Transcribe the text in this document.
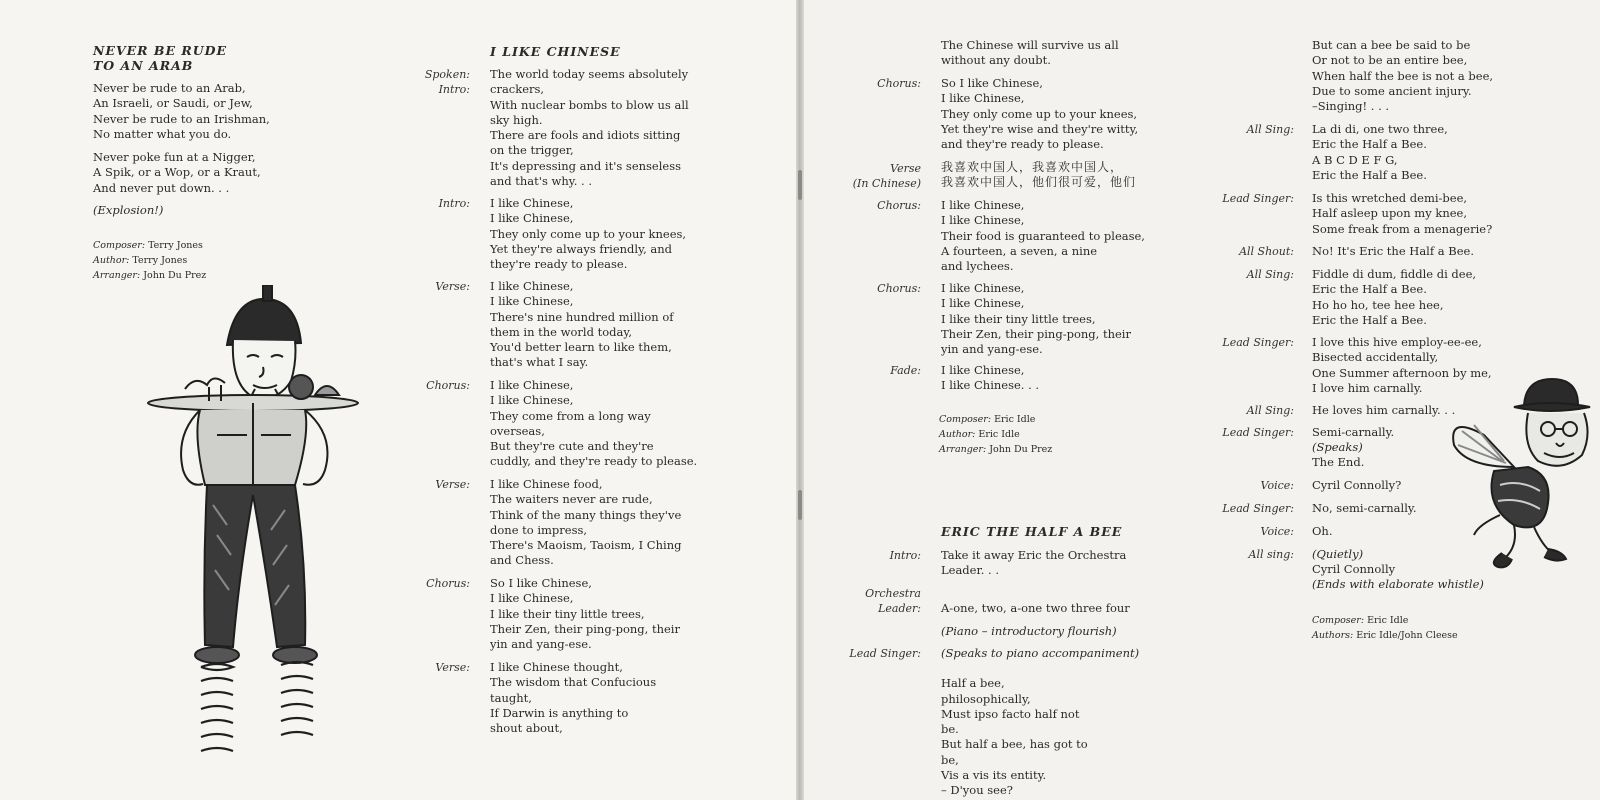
NEVER BE RUDE
TO AN ARAB
Never be rude to an Arab,
An Israeli, or Saudi, or Jew,
Never be rude to an Irishman,
No matter what you do.
Never poke fun at a Nigger,
A Spik, or a Wop, or a Kraut,
And never put down. . .
(Explosion!)
Composer: Terry Jones
Author: Terry Jones
Arranger: John Du Prez
I LIKE CHINESE
Spoken:
Intro:
The world today seems absolutely
crackers,
With nuclear bombs to blow us all
sky high.
There are fools and idiots sitting
on the trigger,
It's depressing and it's senseless
and that's why. . .
Intro: I like Chinese,
I like Chinese,
They only come up to your knees,
Yet they're always friendly, and
they're ready to please.
Verse: I like Chinese,
I like Chinese,
There's nine hundred million of
them in the world today,
You'd better learn to like them,
that's what I say.
Chorus: I like Chinese,
I like Chinese,
They come from a long way
overseas,
But they're cute and they're
cuddly, and they're ready to please.
Verse: I like Chinese food,
The waiters never are rude,
Think of the many things they've
done to impress,
There's Maoism, Taoism, I Ching
and Chess.
Chorus: So I like Chinese,
I like Chinese,
I like their tiny little trees,
Their Zen, their ping-pong, their
yin and yang-ese.
Verse: I like Chinese thought,
The wisdom that Confucious
taught,
If Darwin is anything to
shout about,
The Chinese will survive us all
without any doubt.
Chorus: So I like Chinese,
I like Chinese,
They only come up to your knees,
Yet they're wise and they're witty,
and they're ready to please.
Verse
(In Chinese)
我喜欢中国人，我喜欢中国人，
我喜欢中国人，他们很可爱，他们
Chorus: I like Chinese,
I like Chinese,
Their food is guaranteed to please,
A fourteen, a seven, a nine
and lychees.
Chorus: I like Chinese,
I like Chinese,
I like their tiny little trees,
Their Zen, their ping-pong, their
yin and yang-ese.
Fade: I like Chinese,
I like Chinese. . .
Composer: Eric Idle
Author: Eric Idle
Arranger: John Du Prez
ERIC THE HALF A BEE
Intro: Take it away Eric the Orchestra
Leader. . .
Orchestra
Leader: A-one, two, a-one two three four
(Piano – introductory flourish)
Lead Singer: (Speaks to piano accompaniment)

Half a bee, philosophically,
Must ipso facto half not be.
But half a bee, has got to be,
Vis a vis its entity.
– D'you see?

But can a bee be said to be
Or not to be an entire bee,
When half the bee is not a bee,
Due to some ancient injury.
–Singing! . . .
All Sing: La di di, one two three,
Eric the Half a Bee.
A B C D E F G,
Eric the Half a Bee.
Lead Singer: Is this wretched demi-bee,
Half asleep upon my knee,
Some freak from a menagerie?
All Shout: No! It's Eric the Half a Bee.
All Sing: Fiddle di dum, fiddle di dee,
Eric the Half a Bee.
Ho ho ho, tee hee hee,
Eric the Half a Bee.
Lead Singer: I love this hive employ-ee-ee,
Bisected accidentally,
One Summer afternoon by me,
I love him carnally.
All Sing: He loves him carnally. . .
Lead Singer: Semi-carnally.
(Speaks)
The End.
Voice: Cyril Connolly?
Lead Singer: No, semi-carnally.
Voice: Oh.
All sing: (Quietly)
Cyril Connolly
(Ends with elaborate whistle)
Composer: Eric Idle
Authors: Eric Idle/John Cleese
